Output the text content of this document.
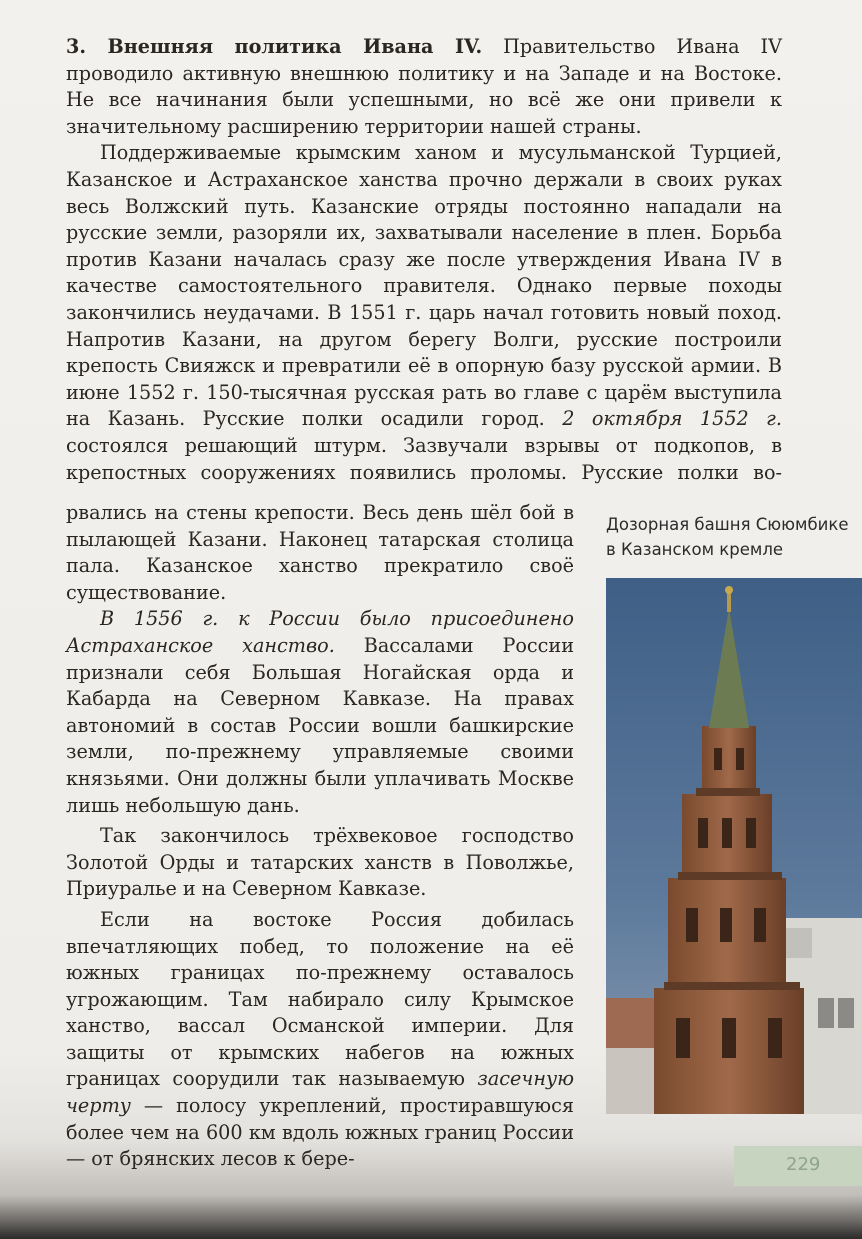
3. Внешняя политика Ивана IV. Правительство Ивана IV проводило активную внешнюю политику и на Западе и на Востоке. Не все начинания были успешными, но всё же они привели к значительному расширению территории нашей страны.

Поддерживаемые крымским ханом и мусульманской Турцией, Казанское и Астраханское ханства прочно держали в своих руках весь Волжский путь. Казанские отряды постоянно нападали на русские земли, разоряли их, захватывали население в плен. Борьба против Казани началась сразу же после утверждения Ивана IV в качестве самостоятельного правителя. Однако первые походы закончились неудачами. В 1551 г. царь начал готовить новый поход. Напротив Казани, на другом берегу Волги, русские построили крепость Свияжск и превратили её в опорную базу русской армии. В июне 1552 г. 150-тысячная русская рать во главе с царём выступила на Казань. Русские полки осадили город. 2 октября 1552 г. состоялся решающий штурм. Зазвучали взрывы от подкопов, в крепостных сооружениях появились проломы. Русские полки во-

рвались на стены крепости. Весь день шёл бой в пылающей Казани. Наконец татарская столица пала. Казанское ханство прекратило своё существование.

В 1556 г. к России было присоединено Астраханское ханство. Вассалами России признали себя Большая Ногайская орда и Кабарда на Северном Кавказе. На правах автономий в состав России вошли башкирские земли, по-прежнему управляемые своими князьями. Они должны были уплачивать Москве лишь небольшую дань.

Так закончилось трёхвековое господство Золотой Орды и татарских ханств в Поволжье, Приуралье и на Северном Кавказе.

Если на востоке Россия добилась впечатляющих побед, то положение на её южных границах по-прежнему оставалось угрожающим. Там набирало силу Крымское ханство, вассал Османской империи. Для защиты от крымских набегов на южных границах соорудили так называемую засечную черту — полосу укреплений, простиравшуюся более чем на 600 км вдоль южных границ России — от брянских лесов к бере-

Дозорная башня Сююмбике
в Казанском кремле
229
